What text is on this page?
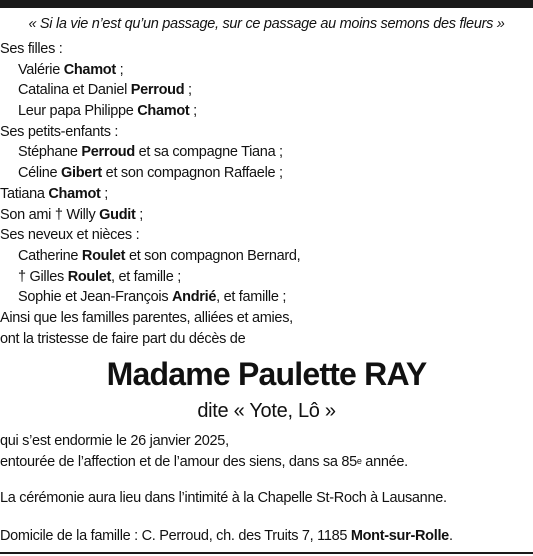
« Si la vie n’est qu’un passage, sur ce passage au moins semons des fleurs »
Ses filles :
Valérie Chamot ;
Catalina et Daniel Perroud ;
Leur papa Philippe Chamot ;
Ses petits-enfants :
Stéphane Perroud et sa compagne Tiana ;
Céline Gibert et son compagnon Raffaele ;
Tatiana Chamot ;
Son ami † Willy Gudit ;
Ses neveux et nièces :
Catherine Roulet et son compagnon Bernard,
† Gilles Roulet, et famille ;
Sophie et Jean-François Andrié, et famille ;
Ainsi que les familles parentes, alliées et amies,
ont la tristesse de faire part du décès de
Madame Paulette RAY
dite « Yote, Lô »
qui s’est endormie le 26 janvier 2025,
entourée de l’affection et de l’amour des siens, dans sa 85e année.
La cérémonie aura lieu dans l’intimité à la Chapelle St-Roch à Lausanne.
Domicile de la famille : C. Perroud, ch. des Truits 7, 1185 Mont-sur-Rolle.
